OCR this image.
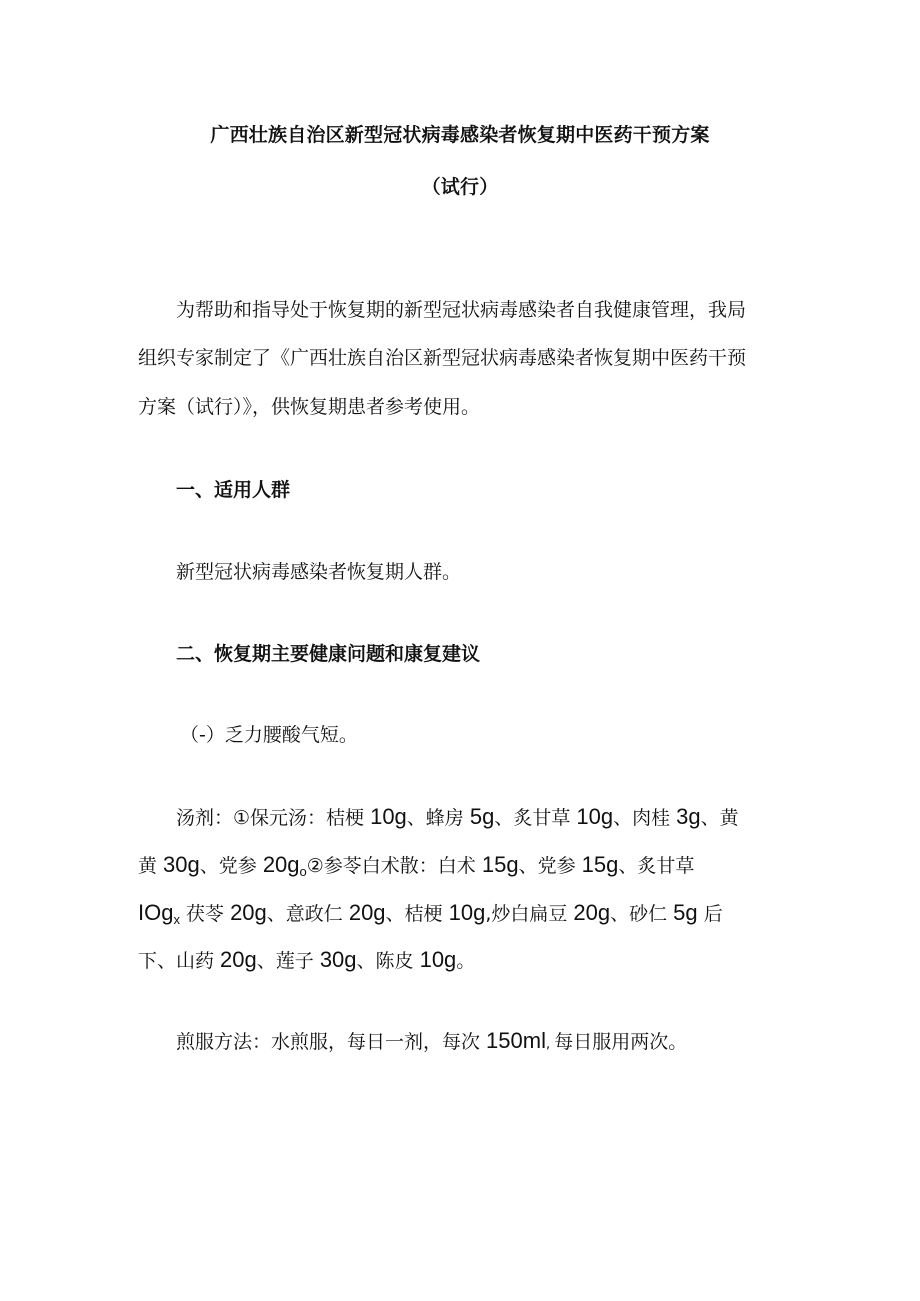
广西壮族自治区新型冠状病毒感染者恢复期中医药干预方案
（试行）
为帮助和指导处于恢复期的新型冠状病毒感染者自我健康管理，我局
组织专家制定了《广西壮族自治区新型冠状病毒感染者恢复期中医药干预
方案（试行）》，供恢复期患者参考使用。
一、适用人群
新型冠状病毒感染者恢复期人群。
二、恢复期主要健康问题和康复建议
（-）乏力腰酸气短。
汤剂：①保元汤：桔梗 10g、蜂房 5g、炙甘草 10g、肉桂 3g、黄
黄 30g、党参 $20g_o②$参苓白术散：白术 15g、党参 15g、炙甘草
IOg$_x$ 茯苓 20g、意政仁 20g、桔梗 10g,炒白扁豆 20g、砂仁 5g 后
下、山药 20g、莲子 30g、陈皮 10g。
煎服方法：水煎服，每日一剂，每次 150ml, 每日服用两次。
